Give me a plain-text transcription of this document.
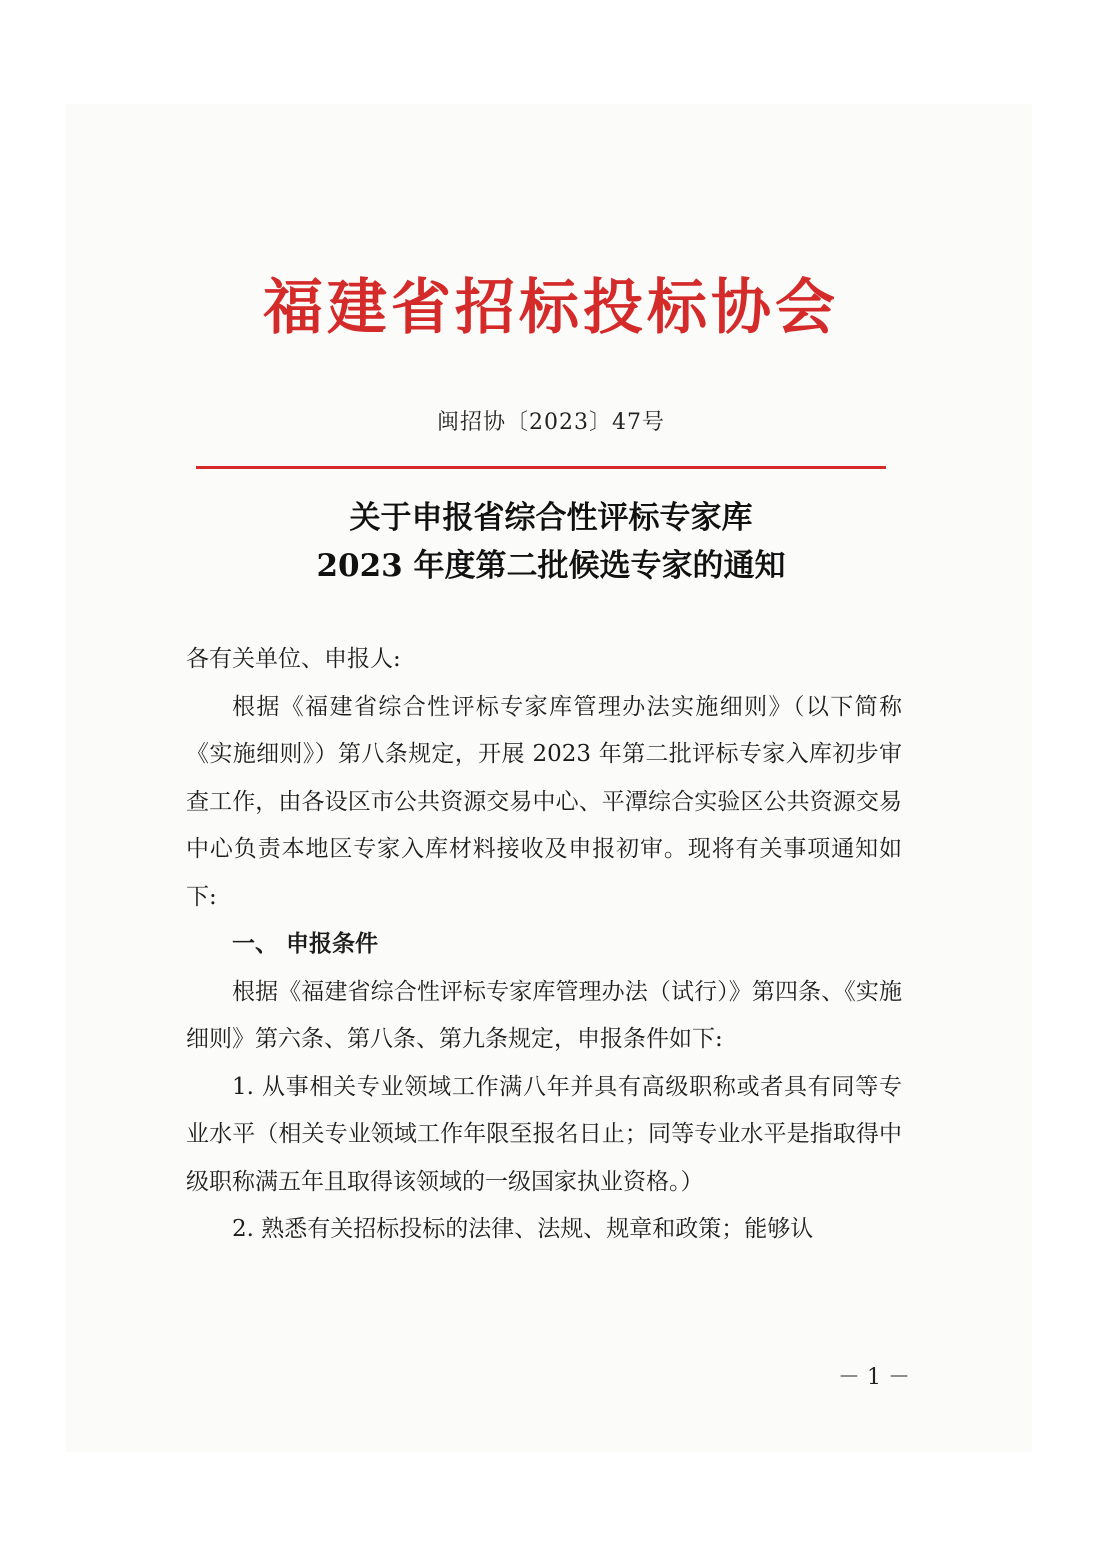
福建省招标投标协会
闽招协〔2023〕47号
关于申报省综合性评标专家库
2023 年度第二批候选专家的通知

各有关单位、申报人:

根据《福建省综合性评标专家库管理办法实施细则》（以下简称《实施细则》）第八条规定，开展 2023 年第二批评标专家入库初步审查工作，由各设区市公共资源交易中心、平潭综合实验区公共资源交易中心负责本地区专家入库材料接收及申报初审。现将有关事项通知如下:

一、 申报条件

根据《福建省综合性评标专家库管理办法（试行）》第四条、《实施细则》第六条、第八条、第九条规定，申报条件如下:

1. 从事相关专业领域工作满八年并具有高级职称或者具有同等专业水平（相关专业领域工作年限至报名日止；同等专业水平是指取得中级职称满五年且取得该领域的一级国家执业资格。）

2. 熟悉有关招标投标的法律、法规、规章和政策；能够认

－ 1 －
